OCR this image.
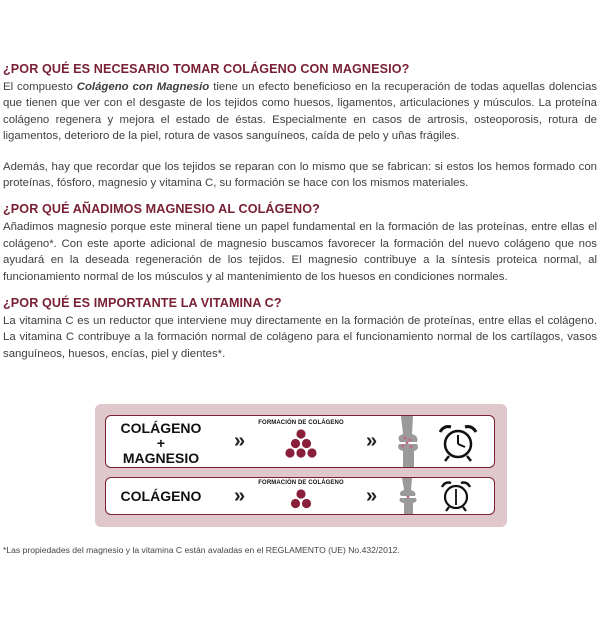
¿POR QUÉ ES NECESARIO TOMAR COLÁGENO CON MAGNESIO?

El compuesto Colágeno con Magnesio tiene un efecto beneficioso en la recuperación de todas aquellas dolencias que tienen que ver con el desgaste de los tejidos como huesos, ligamentos, articulaciones y músculos. La proteína colágeno regenera y mejora el estado de éstas. Especialmente en casos de artrosis, osteoporosis, rotura de ligamentos, deterioro de la piel, rotura de vasos sanguíneos, caída de pelo y uñas frágiles.

Además, hay que recordar que los tejidos se reparan con lo mismo que se fabrican: si estos los hemos formado con proteínas, fósforo, magnesio y vitamina C, su formación se hace con los mismos materiales.

¿POR QUÉ AÑADIMOS MAGNESIO AL COLÁGENO?

Añadimos magnesio porque este mineral tiene un papel fundamental en la formación de las proteínas, entre ellas el colágeno*. Con este aporte adicional de magnesio buscamos favorecer la formación del nuevo colágeno que nos ayudará en la deseada regeneración de los tejidos. El magnesio contribuye a la síntesis proteica normal, al funcionamiento normal de los músculos y al mantenimiento de los huesos en condiciones normales.

¿POR QUÉ ES IMPORTANTE LA VITAMINA C?

La vitamina C es un reductor que interviene muy directamente en la formación de proteínas, entre ellas el colágeno. La vitamina C contribuye a la formación normal de colágeno para el funcionamiento normal de los cartílagos, vasos sanguíneos, huesos, encías, piel y dientes*.

COLÁGENO
+
MAGNESIO
»
FORMACIÓN DE COLÁGENO
»
COLÁGENO	»
FORMACIÓN DE COLÁGENO
»
*Las propiedades del magnesio y la vitamina C están avaladas en el REGLAMENTO (UE) No.432/2012.
